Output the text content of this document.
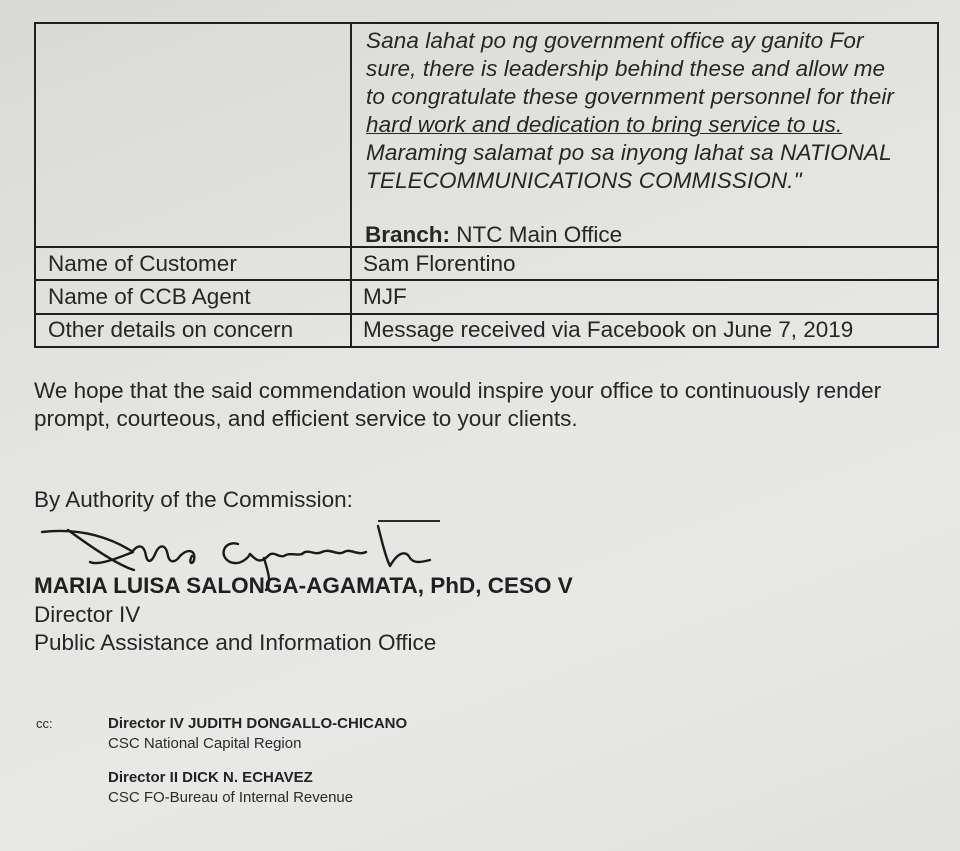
Sana lahat po ng government office ay ganito For
sure, there is leadership behind these and allow me
to congratulate these government personnel for their
hard work and dedication to bring service to us.
Maraming salamat po sa inyong lahat sa NATIONAL
TELECOMMUNICATIONS COMMISSION."
Branch: NTC Main Office
Name of Customer	Sam Florentino
Name of CCB Agent	MJF
Other details on concern	Message received via Facebook on June 7, 2019
We hope that the said commendation would inspire your office to continuously render prompt, courteous, and efficient service to your clients.
By Authority of the Commission:
MARIA LUISA SALONGA-AGAMATA, PhD, CESO V
Director IV
Public Assistance and Information Office
cc:	Director IV JUDITH DONGALLO-CHICANO
CSC National Capital Region
Director II DICK N. ECHAVEZ
CSC FO-Bureau of Internal Revenue
